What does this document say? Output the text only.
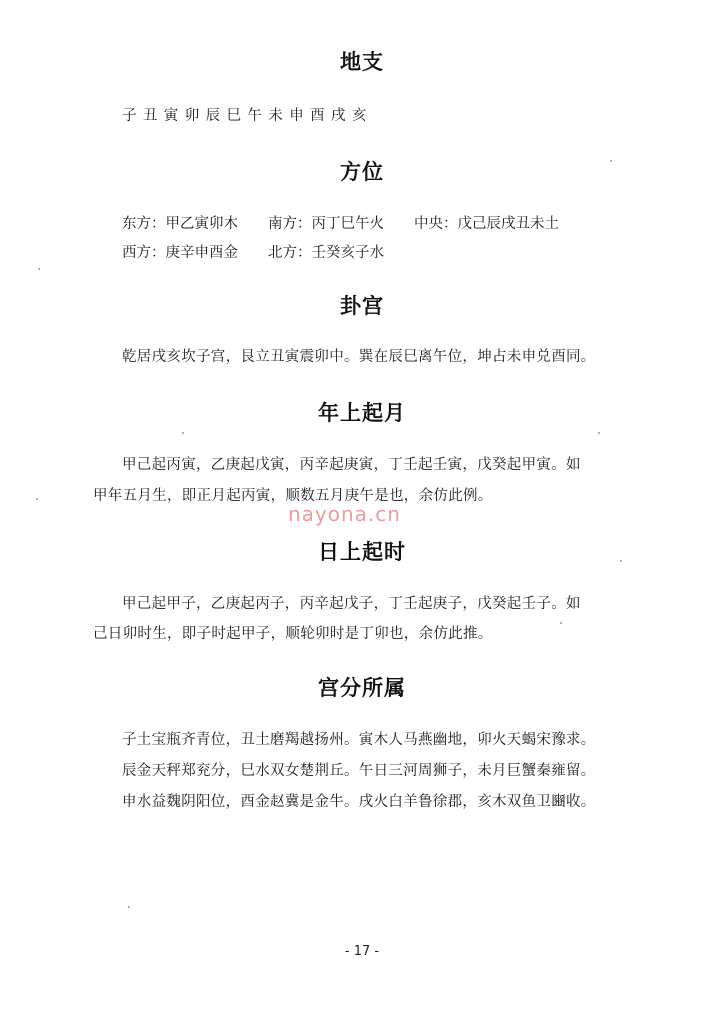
地支

子丑寅卯辰巳午未申酉戌亥

方位

东方：甲乙寅卯木 南方：丙丁巳午火 中央：戊己辰戌丑未土

西方：庚辛申酉金 北方：壬癸亥子水

卦宫

乾居戌亥坎子宫，艮立丑寅震卯中。巽在辰巳离午位，坤占未申兑酉同。

年上起月

甲己起丙寅，乙庚起戊寅，丙辛起庚寅，丁壬起壬寅，戊癸起甲寅。如

甲年五月生，即正月起丙寅，顺数五月庚午是也，余仿此例。

nayona.cn

日上起时

甲己起甲子，乙庚起丙子，丙辛起戊子，丁壬起庚子，戊癸起壬子。如

己日卯时生，即子时起甲子，顺轮卯时是丁卯也，余仿此推。

宫分所属

子土宝瓶齐青位，丑土磨羯越扬州。寅木人马燕幽地，卯火天蝎宋豫求。

辰金天秤郑兖分，巳水双女楚荆丘。午日三河周狮子，未月巨蟹秦雍留。

申水益魏阴阳位，酉金赵冀是金牛。戌火白羊鲁徐郡，亥木双鱼卫豳收。

- 17 -
